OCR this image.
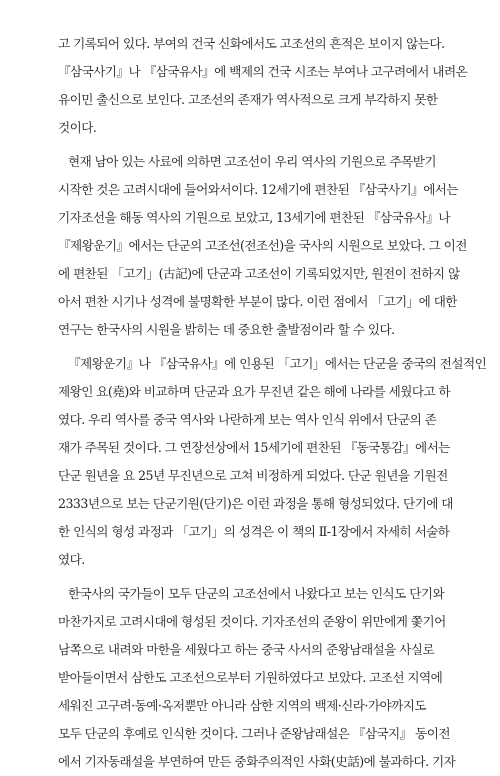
고 기록되어 있다. 부여의 건국 신화에서도 고조선의 흔적은 보이지 않는다.
『삼국사기』나 『삼국유사』에 백제의 건국 시조는 부여나 고구려에서 내려온
유이민 출신으로 보인다. 고조선의 존재가 역사적으로 크게 부각하지 못한
것이다.
현재 남아 있는 사료에 의하면 고조선이 우리 역사의 기원으로 주목받기
시작한 것은 고려시대에 들어와서이다. 12세기에 편찬된 『삼국사기』에서는
기자조선을 해동 역사의 기원으로 보았고, 13세기에 편찬된 『삼국유사』나
『제왕운기』에서는 단군의 고조선(전조선)을 국사의 시원으로 보았다. 그 이전
에 편찬된 「고기」(古記)에 단군과 고조선이 기록되었지만, 원전이 전하지 않
아서 편찬 시기나 성격에 불명확한 부분이 많다. 이런 점에서 「고기」에 대한
연구는 한국사의 시원을 밝히는 데 중요한 출발점이라 할 수 있다.
『제왕운기』나 『삼국유사』에 인용된 「고기」에서는 단군을 중국의 전설적인
제왕인 요(堯)와 비교하며 단군과 요가 무진년 같은 해에 나라를 세웠다고 하
였다. 우리 역사를 중국 역사와 나란하게 보는 역사 인식 위에서 단군의 존
재가 주목된 것이다. 그 연장선상에서 15세기에 편찬된 『동국통감』에서는
단군 원년을 요 25년 무진년으로 고쳐 비정하게 되었다. 단군 원년을 기원전
2333년으로 보는 단군기원(단기)은 이런 과정을 통해 형성되었다. 단기에 대
한 인식의 형성 과정과 「고기」의 성격은 이 책의 Ⅱ-1장에서 자세히 서술하
였다.
한국사의 국가들이 모두 단군의 고조선에서 나왔다고 보는 인식도 단기와
마찬가지로 고려시대에 형성된 것이다. 기자조선의 준왕이 위만에게 쫓기어
남쪽으로 내려와 마한을 세웠다고 하는 중국 사서의 준왕남래설을 사실로
받아들이면서 삼한도 고조선으로부터 기원하였다고 보았다. 고조선 지역에
세워진 고구려·동예·옥저뿐만 아니라 삼한 지역의 백제·신라·가야까지도
모두 단군의 후예로 인식한 것이다. 그러나 준왕남래설은 『삼국지』 동이전
에서 기자동래설을 부연하여 만든 중화주의적인 사화(史話)에 불과하다. 기자
